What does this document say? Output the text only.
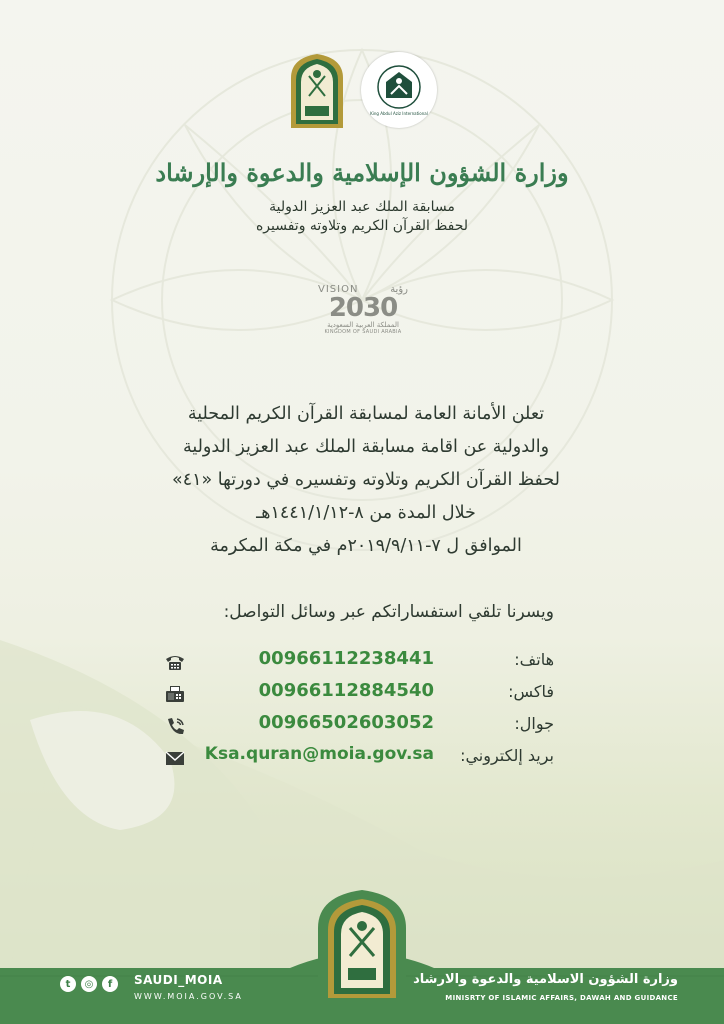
King Abdul Aziz International
وزارة الشؤون الإسلامية والدعوة والإرشاد
مسابقة الملك عبد العزيز الدولية
لحفظ القرآن الكريم وتلاوته وتفسيره
VISION	رؤية
2030
المملكة العربية السعودية
KINGDOM OF SAUDI ARABIA
تعلن الأمانة العامة لمسابقة القرآن الكريم المحلية
والدولية عن اقامة مسابقة الملك عبد العزيز الدولية
لحفظ القرآن الكريم وتلاوته وتفسيره في دورتها «٤١»
خلال المدة من ٨-١٤٤١/١/١٢هـ
الموافق ل ٧-٢٠١٩/٩/١١م في مكة المكرمة
ويسرنا تلقي استفساراتكم عبر وسائل التواصل:
هاتف:
00966112238441
فاكس:
00966112884540
جوال:
00966502603052
بريد إلكتروني:
Ksa.quran@moia.gov.sa
t	◎	f	SAUDI_MOIA
WWW.MOIA.GOV.SA
وزارة الشؤون الاسلامية والدعوة والارشاد
MINISRTY OF ISLAMIC AFFAIRS, DAWAH AND GUIDANCE
